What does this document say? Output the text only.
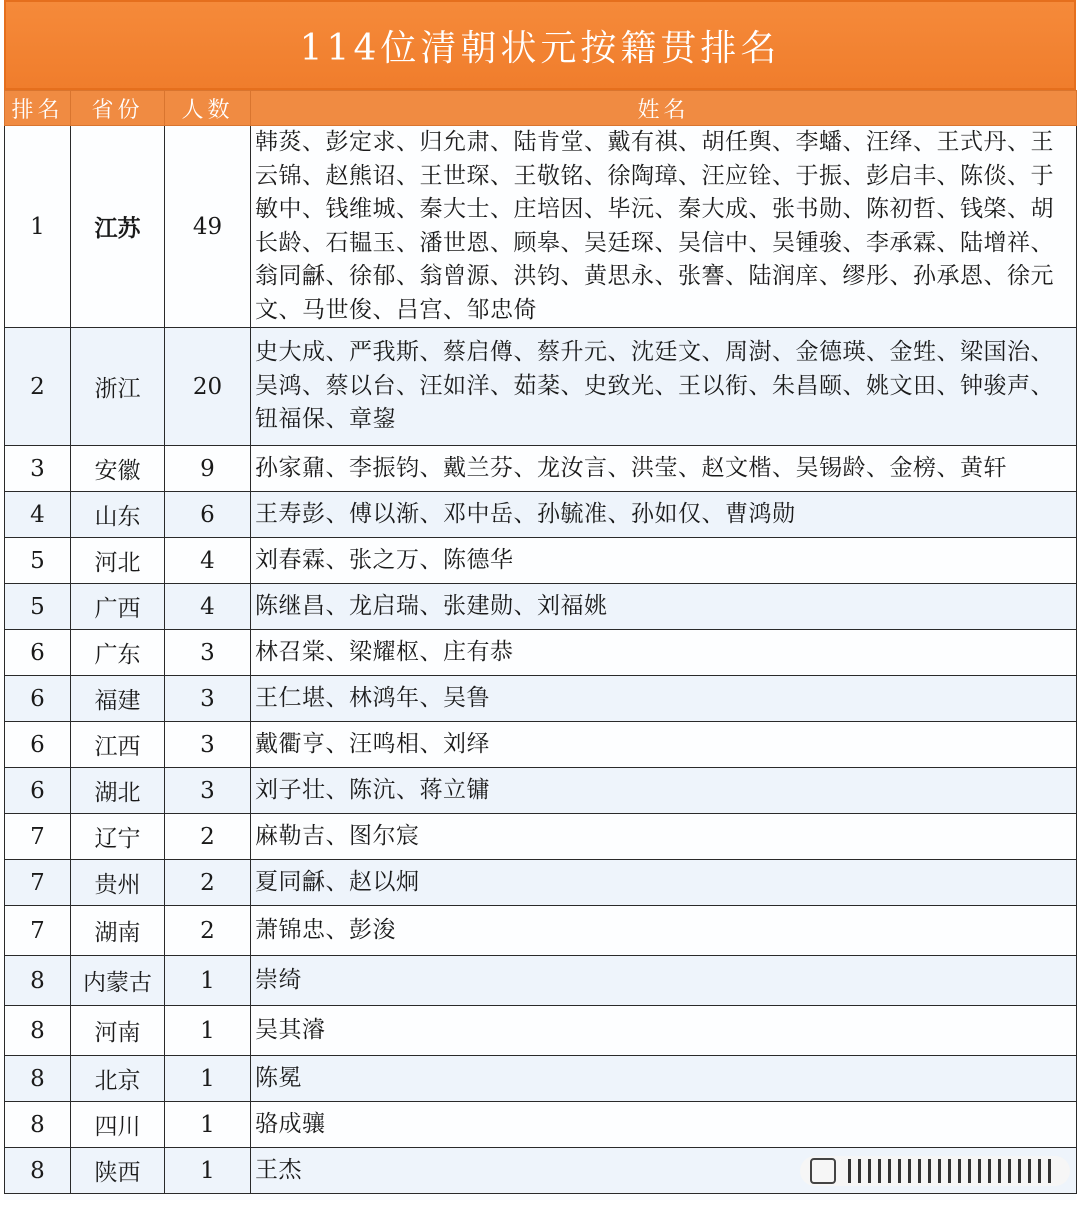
114位清朝状元按籍贯排名
排名	省份	人数	姓名
1	江苏	49	韩菼、彭定求、归允肃、陆肯堂、戴有祺、胡任舆、李蟠、汪绎、王式丹、王云锦、赵熊诏、王世琛、王敬铭、徐陶璋、汪应铨、于振、彭启丰、陈倓、于敏中、钱维城、秦大士、庄培因、毕沅、秦大成、张书勋、陈初哲、钱棨、胡长龄、石韫玉、潘世恩、顾皋、吴廷琛、吴信中、吴锺骏、李承霖、陆增祥、翁同龢、徐郁、翁曾源、洪钧、黄思永、张謇、陆润庠、缪彤、孙承恩、徐元文、马世俊、吕宫、邹忠倚
2	浙江	20	史大成、严我斯、蔡启僔、蔡升元、沈廷文、周澍、金德瑛、金甡、梁国治、吴鸿、蔡以台、汪如洋、茹棻、史致光、王以衔、朱昌颐、姚文田、钟骏声、钮福保、章鋆
3	安徽	9	孙家鼐、李振钧、戴兰芬、龙汝言、洪莹、赵文楷、吴锡龄、金榜、黄轩
4	山东	6	王寿彭、傅以渐、邓中岳、孙毓准、孙如仅、曹鸿勋
5	河北	4	刘春霖、张之万、陈德华
5	广西	4	陈继昌、龙启瑞、张建勋、刘福姚
6	广东	3	林召棠、梁耀枢、庄有恭
6	福建	3	王仁堪、林鸿年、吴鲁
6	江西	3	戴衢亨、汪鸣相、刘绎
6	湖北	3	刘子壮、陈沆、蒋立镛
7	辽宁	2	麻勒吉、图尔宸
7	贵州	2	夏同龢、赵以炯
7	湖南	2	萧锦忠、彭浚
8	内蒙古	1	崇绮
8	河南	1	吴其濬
8	北京	1	陈冕
8	四川	1	骆成骧
8	陕西	1	王杰
